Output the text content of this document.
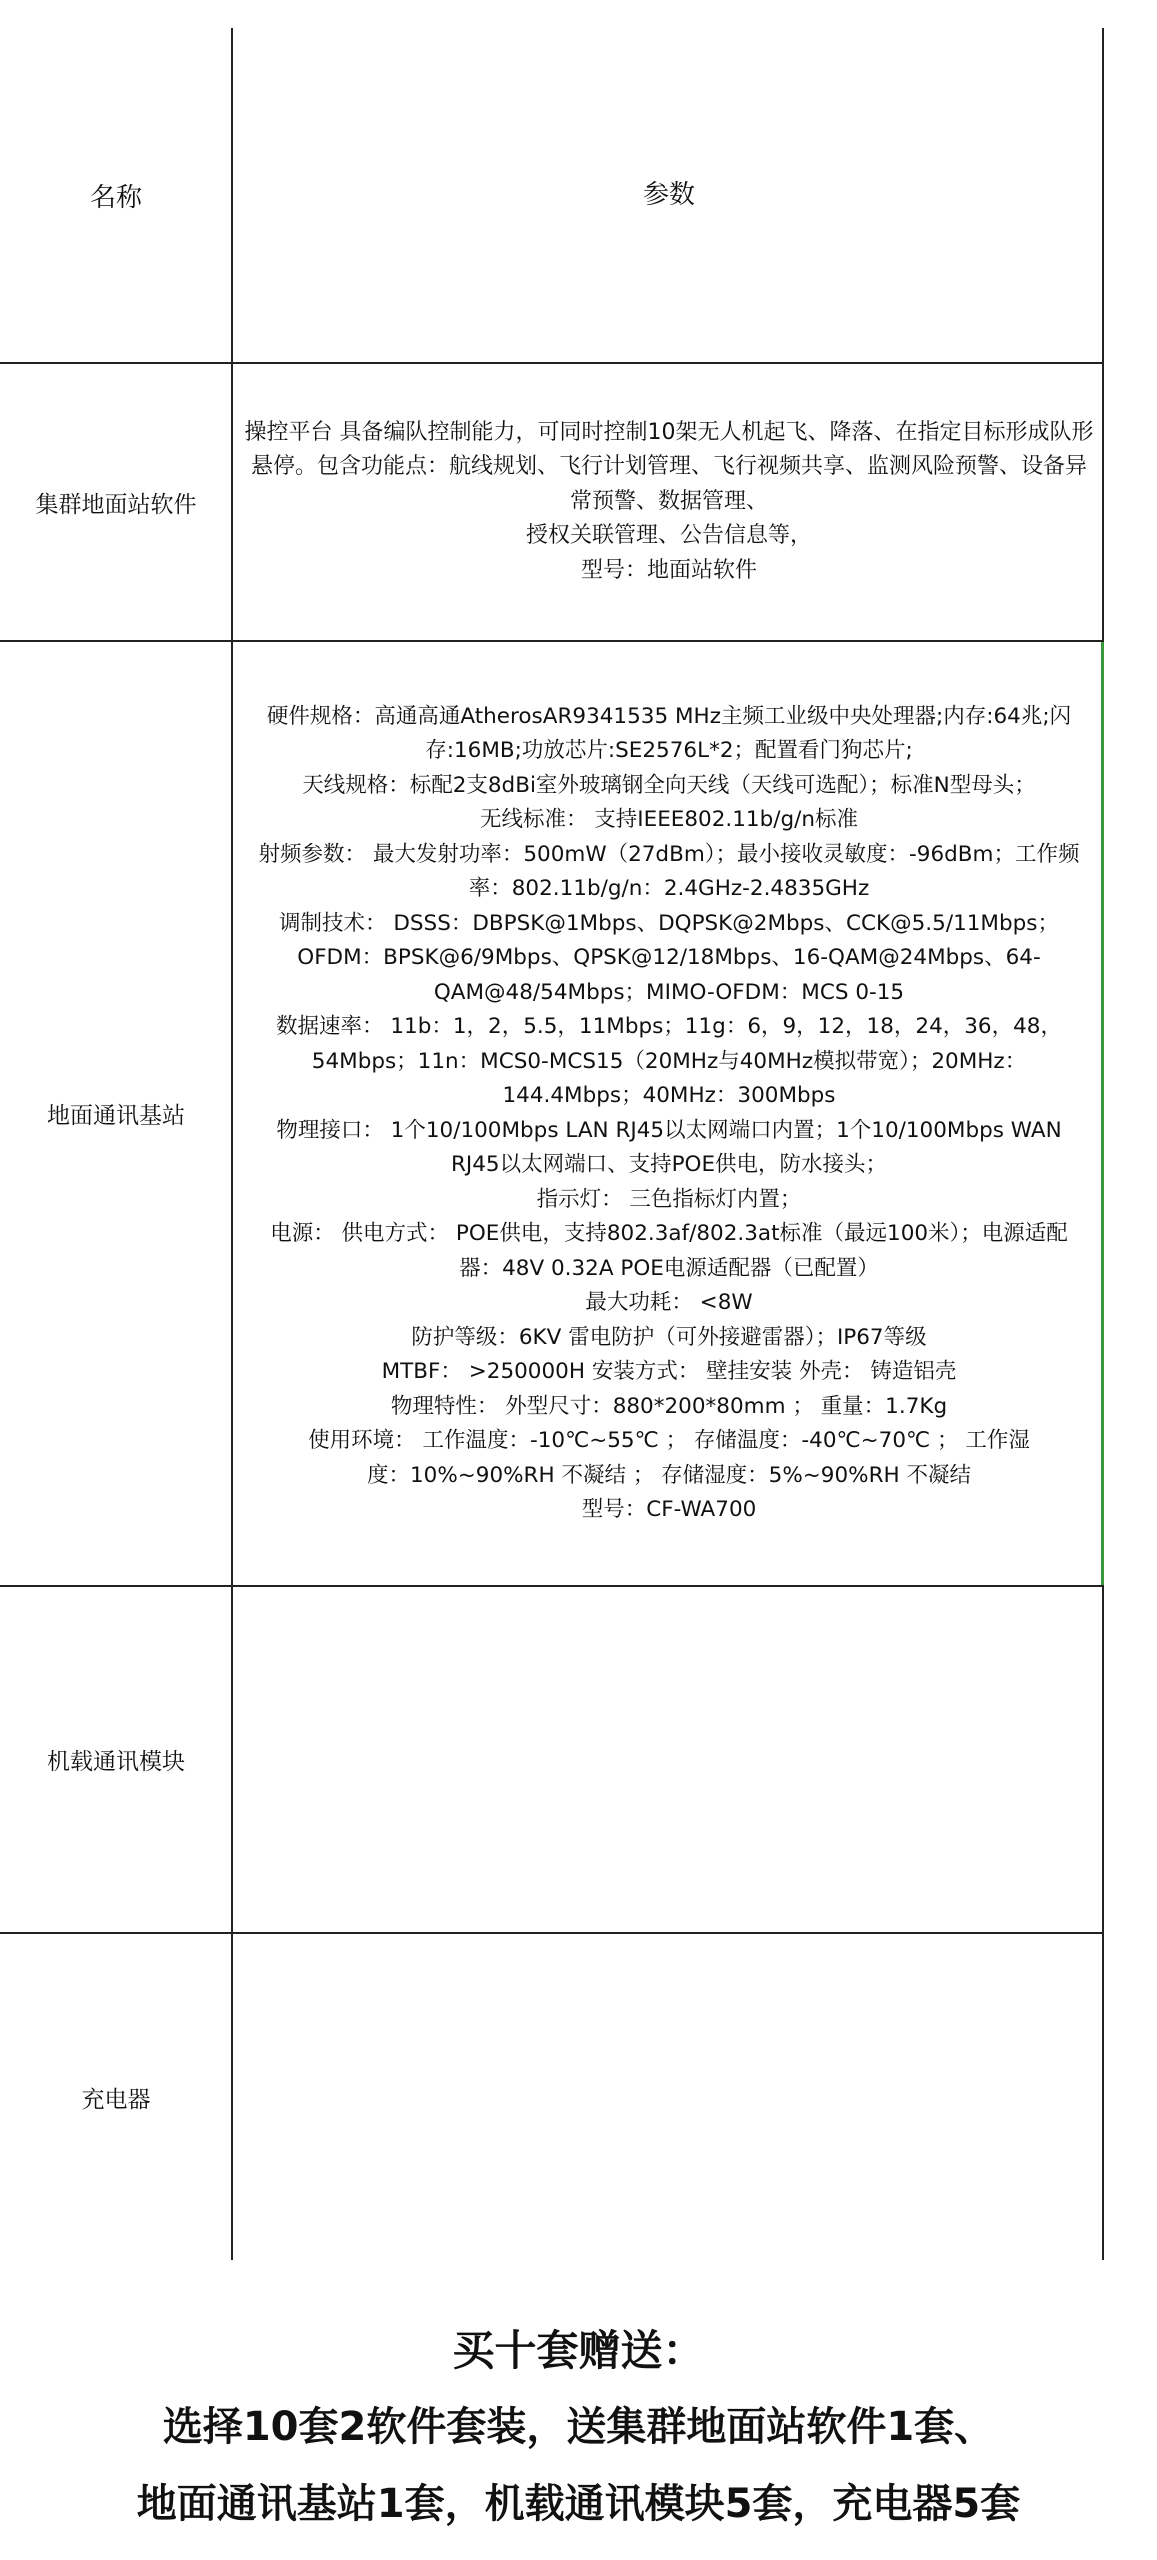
名称	参数
集群地面站软件
操控平台 具备编队控制能力，可同时控制10架无人机起飞、降落、在指定目标形成队形
悬停。包含功能点：航线规划、飞行计划管理、飞行视频共享、监测风险预警、设备异
常预警、数据管理、
授权关联管理、公告信息等，
型号：地面站软件
地面通讯基站
硬件规格：高通高通AtherosAR9341535 MHz主频工业级中央处理器;内存:64兆;闪
存:16MB;功放芯片:SE2576L*2；配置看门狗芯片;
天线规格：标配2支8dBi室外玻璃钢全向天线（天线可选配）；标准N型母头；
无线标准： 支持IEEE802.11b/g/n标准
射频参数： 最大发射功率：500mW（27dBm）；最小接收灵敏度：-96dBm；工作频
率：802.11b/g/n：2.4GHz-2.4835GHz
调制技术： DSSS：DBPSK@1Mbps、DQPSK@2Mbps、CCK@5.5/11Mbps；
OFDM：BPSK@6/9Mbps、QPSK@12/18Mbps、16-QAM@24Mbps、64-
QAM@48/54Mbps；MIMO-OFDM：MCS 0-15
数据速率： 11b：1，2，5.5，11Mbps；11g：6，9，12，18，24，36，48，
54Mbps；11n：MCS0-MCS15（20MHz与40MHz模拟带宽）；20MHz：
144.4Mbps；40MHz：300Mbps
物理接口： 1个10/100Mbps LAN RJ45以太网端口内置；1个10/100Mbps WAN
RJ45以太网端口、支持POE供电，防水接头；
指示灯： 三色指标灯内置；
电源： 供电方式： POE供电，支持802.3af/802.3at标准（最远100米）；电源适配
器：48V 0.32A POE电源适配器（已配置）
最大功耗： <8W
防护等级：6KV 雷电防护（可外接避雷器）；IP67等级
MTBF： >250000H 安装方式： 壁挂安装 外壳： 铸造铝壳
物理特性： 外型尺寸：880*200*80mm ； 重量：1.7Kg
使用环境： 工作温度：-10℃~55℃ ； 存储温度：-40℃~70℃ ； 工作湿
度：10%~90%RH 不凝结 ； 存储湿度：5%~90%RH 不凝结
型号：CF-WA700
机载通讯模块
充电器
买十套赠送：
选择10套2软件套装，送集群地面站软件1套、
地面通讯基站1套，机载通讯模块5套，充电器5套
